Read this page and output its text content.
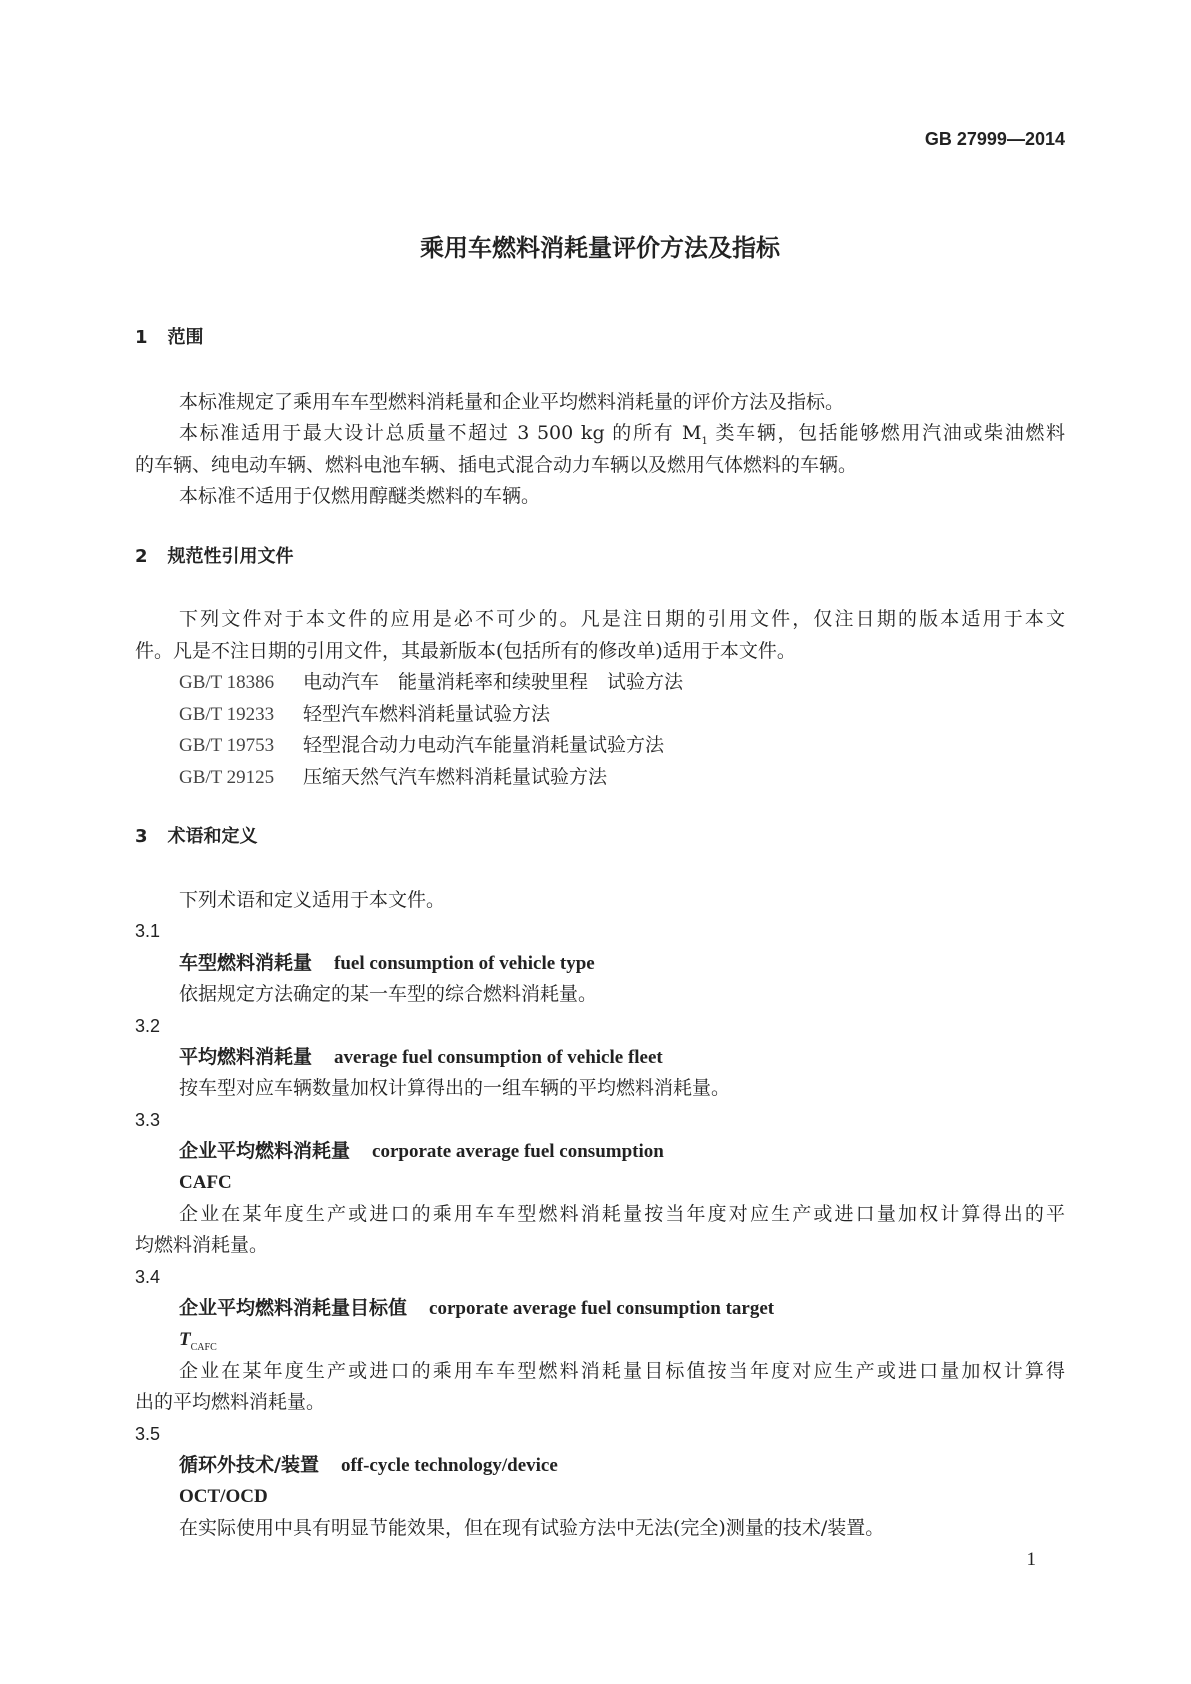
GB 27999—2014
乘用车燃料消耗量评价方法及指标
1 范围
本标准规定了乘用车车型燃料消耗量和企业平均燃料消耗量的评价方法及指标。
本标准适用于最大设计总质量不超过 3 500 kg 的所有 $M_1$ 类车辆，包括能够燃用汽油或柴油燃料
的车辆、纯电动车辆、燃料电池车辆、插电式混合动力车辆以及燃用气体燃料的车辆。
本标准不适用于仅燃用醇醚类燃料的车辆。
2 规范性引用文件
下列文件对于本文件的应用是必不可少的。凡是注日期的引用文件，仅注日期的版本适用于本文
件。凡是不注日期的引用文件，其最新版本(包括所有的修改单)适用于本文件。
GB/T 18386 电动汽车　能量消耗率和续驶里程　试验方法
GB/T 19233 轻型汽车燃料消耗量试验方法
GB/T 19753 轻型混合动力电动汽车能量消耗量试验方法
GB/T 29125 压缩天然气汽车燃料消耗量试验方法
3 术语和定义
下列术语和定义适用于本文件。
3.1
车型燃料消耗量 fuel consumption of vehicle type
依据规定方法确定的某一车型的综合燃料消耗量。
3.2
平均燃料消耗量 average fuel consumption of vehicle fleet
按车型对应车辆数量加权计算得出的一组车辆的平均燃料消耗量。
3.3
企业平均燃料消耗量 corporate average fuel consumption
CAFC
企业在某年度生产或进口的乘用车车型燃料消耗量按当年度对应生产或进口量加权计算得出的平
均燃料消耗量。
3.4
企业平均燃料消耗量目标值 corporate average fuel consumption target
$T_{CAFC}$
企业在某年度生产或进口的乘用车车型燃料消耗量目标值按当年度对应生产或进口量加权计算得
出的平均燃料消耗量。
3.5
循环外技术/装置 off-cycle technology/device
OCT/OCD
在实际使用中具有明显节能效果，但在现有试验方法中无法(完全)测量的技术/装置。
1
